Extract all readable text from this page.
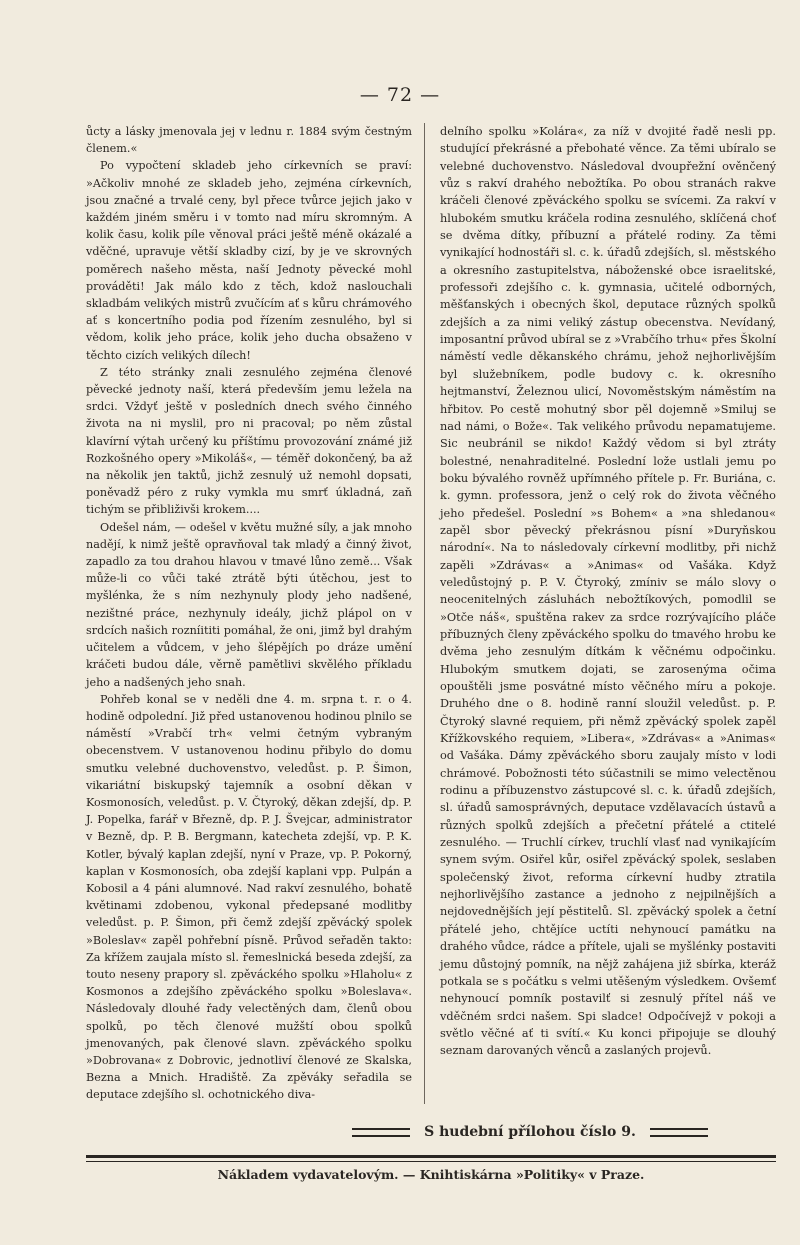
— 72 —

ůcty a lásky jmenovala jej v lednu r. 1884 svým čestným členem.«

Po vypočtení skladeb jeho církevních se praví: »Ačkoliv mnohé ze skladeb jeho, zejména církevních, jsou značné a trvalé ceny, byl přece tvůrce jejich jako v každém jiném směru i v tomto nad míru skromným. A kolik času, kolik píle věnoval práci ještě méně okázalé a vděčné, upravuje větší skladby cizí, by je ve skrovných poměrech našeho města, naší Jednoty pěvecké mohl prováděti! Jak málo kdo z těch, kdož naslouchali skladbám velikých mistrů zvučícím ať s kůru chrámového ať s koncertního podia pod řízením zesnulého, byl si vědom, kolik jeho práce, kolik jeho ducha obsaženo v těchto cizích velikých dílech!

Z této stránky znali zesnulého zejména členové pěvecké jednoty naší, která především jemu ležela na srdci. Vždyť ještě v posledních dnech svého činného života na ni myslil, pro ni pracoval; po něm zůstal klavírní výtah určený ku příštímu provozování známé již Rozkošného opery »Mikoláš«, — téměř dokončený, ba až na několik jen taktů, jichž zesnulý už nemohl dopsati, poněvadž péro z ruky vymkla mu smrť úkladná, zaň tichým se přibliživši krokem....

Odešel nám, — odešel v květu mužné síly, a jak mnoho nadějí, k nimž ještě opravňoval tak mladý a činný život, zapadlo za tou drahou hlavou v tmavé lůno země... Však může-li co vůči také ztrátě býti útěchou, jest to myšlénka, že s ním nezhynuly plody jeho nadšené, nezištné práce, nezhynuly ideály, jichž plápol on v srdcích našich rozníititi pomáhal, že oni, jimž byl drahým učitelem a vůdcem, v jeho šlépějích po dráze umění kráčeti budou dále, věrně pamětlivi skvělého příkladu jeho a nadšených jeho snah.

Pohřeb konal se v neděli dne 4. m. srpna t. r. o 4. hodině odpolední. Již před ustanovenou hodinou plnilo se náměstí »Vrabčí trh« velmi četným vybraným obecenstvem. V ustanovenou hodinu přibylo do domu smutku velebné duchovenstvo, veledůst. p. P. Šimon, vikariátní biskupský tajemník a osobní děkan v Kosmonosích, veledůst. p. V. Čtyroký, děkan zdejší, dp. P. J. Popelka, farář v Březně, dp. P. J. Švejcar, administrator v Bezně, dp. P. B. Bergmann, katecheta zdejší, vp. P. K. Kotler, bývalý kaplan zdejší, nyní v Praze, vp. P. Pokorný, kaplan v Kosmonosích, oba zdejší kaplani vpp. Pulpán a Kobosil a 4 páni alumnové. Nad rakví zesnulého, bohatě květinami zdobenou, vykonal předepsané modlitby veledůst. p. P. Šimon, při čemž zdejší zpěvácký spolek »Boleslav« zapěl pohřební písně. Průvod seřaděn takto: Za křížem zaujala místo sl. řemeslnická beseda zdejší, za touto neseny prapory sl. zpěváckého spolku »Hlaholu« z Kosmonos a zdejšího zpěváckého spolku »Boleslava«. Následovaly dlouhé řady velectěných dam, členů obou spolků, po těch členové mužští obou spolků jmenovaných, pak členové slavn. zpěváckého spolku »Dobrovana« z Dobrovic, jednotliví členové ze Skalska, Bezna a Mnich. Hradiště. Za zpěváky seřadila se deputace zdejšího sl. ochotnického diva-

delního spolku »Kolára«, za níž v dvojité řadě nesli pp. studující překrásné a přebohaté věnce. Za těmi ubíralo se velebné duchovenstvo. Následoval dvoupřežní ověnčený vůz s rakví drahého nebožtíka. Po obou stranách rakve kráčeli členové zpěváckého spolku se svícemi. Za rakví v hlubokém smutku kráčela rodina zesnulého, sklíčená choť se dvěma dítky, příbuzní a přátelé rodiny. Za těmi vynikající hodnostáři sl. c. k. úřadů zdejších, sl. městského a okresního zastupitelstva, náboženské obce israelitské, professoři zdejšího c. k. gymnasia, učitelé odborných, měšťanských i obecných škol, deputace různých spolků zdejších a za nimi veliký zástup obecenstva. Nevídaný, imposantní průvod ubíral se z »Vrabčího trhu« přes Školní náměstí vedle děkanského chrámu, jehož nejhorlivějším byl služebníkem, podle budovy c. k. okresního hejtmanství, Železnou ulicí, Novoměstským náměstím na hřbitov. Po cestě mohutný sbor pěl dojemně »Smiluj se nad námi, o Bože«. Tak velikého průvodu nepamatujeme. Sic neubránil se nikdo! Každý vědom si byl ztráty bolestné, nenahraditelné. Poslední lože ustlali jemu po boku bývalého rovněž upřímného přítele p. Fr. Buriána, c. k. gymn. professora, jenž o celý rok do života věčného jeho předešel. Poslední »s Bohem« a »na shledanou« zapěl sbor pěvecký překrásnou písní »Duryňskou národní«. Na to následovaly církevní modlitby, při nichž zapěli »Zdrávas« a »Animas« od Vašáka. Když veledůstojný p. P. V. Čtyroký, zmíniv se málo slovy o neocenitelných zásluhách nebožtíkových, pomodlil se »Otče náš«, spuštěna rakev za srdce rozrývajícího pláče příbuzných členy zpěváckého spolku do tmavého hrobu ke dvěma jeho zesnulým dítkám k věčnému odpočinku. Hlubokým smutkem dojati, se zarosenýma očima opouštěli jsme posvátné místo věčného míru a pokoje. Druhého dne o 8. hodině ranní sloužil veledůst. p. P. Čtyroký slavné requiem, při němž zpěvácký spolek zapěl Křížkovského requiem, »Libera«, »Zdrávas« a »Animas« od Vašáka. Dámy zpěváckého sboru zaujaly místo v lodi chrámové. Pobožnosti této súčastnili se mimo velectěnou rodinu a příbuzenstvo zástupcové sl. c. k. úřadů zdejších, sl. úřadů samosprávných, deputace vzdělavacích ústavů a různých spolků zdejších a přečetní přátelé a ctitelé zesnulého. — Truchlí církev, truchlí vlasť nad vynikajícím synem svým. Osiřel kůr, osiřel zpěvácký spolek, seslaben společenský život, reforma církevní hudby ztratila nejhorlivějšího zastance a jednoho z nejpilnějších a nejdovednějších její pěstitelů. Sl. zpěvácký spolek a četní přátelé jeho, chtějíce uctíti nehynoucí památku na drahého vůdce, rádce a přítele, ujali se myšlénky postaviti jemu důstojný pomník, na nějž zahájena již sbírka, kteráž potkala se s počátku s velmi utěšeným výsledkem. Ovšemť nehynoucí pomník postavilť si zesnulý přítel náš ve vděčném srdci našem. Spi sladce! Odpočívejž v pokoji a světlo věčné ať ti svítí.« Ku konci připojuje se dlouhý seznam darovaných věnců a zaslaných projevů.

S hudební přílohou číslo 9.
Nákladem vydavatelovým. — Knihtiskárna »Politiky« v Praze.
